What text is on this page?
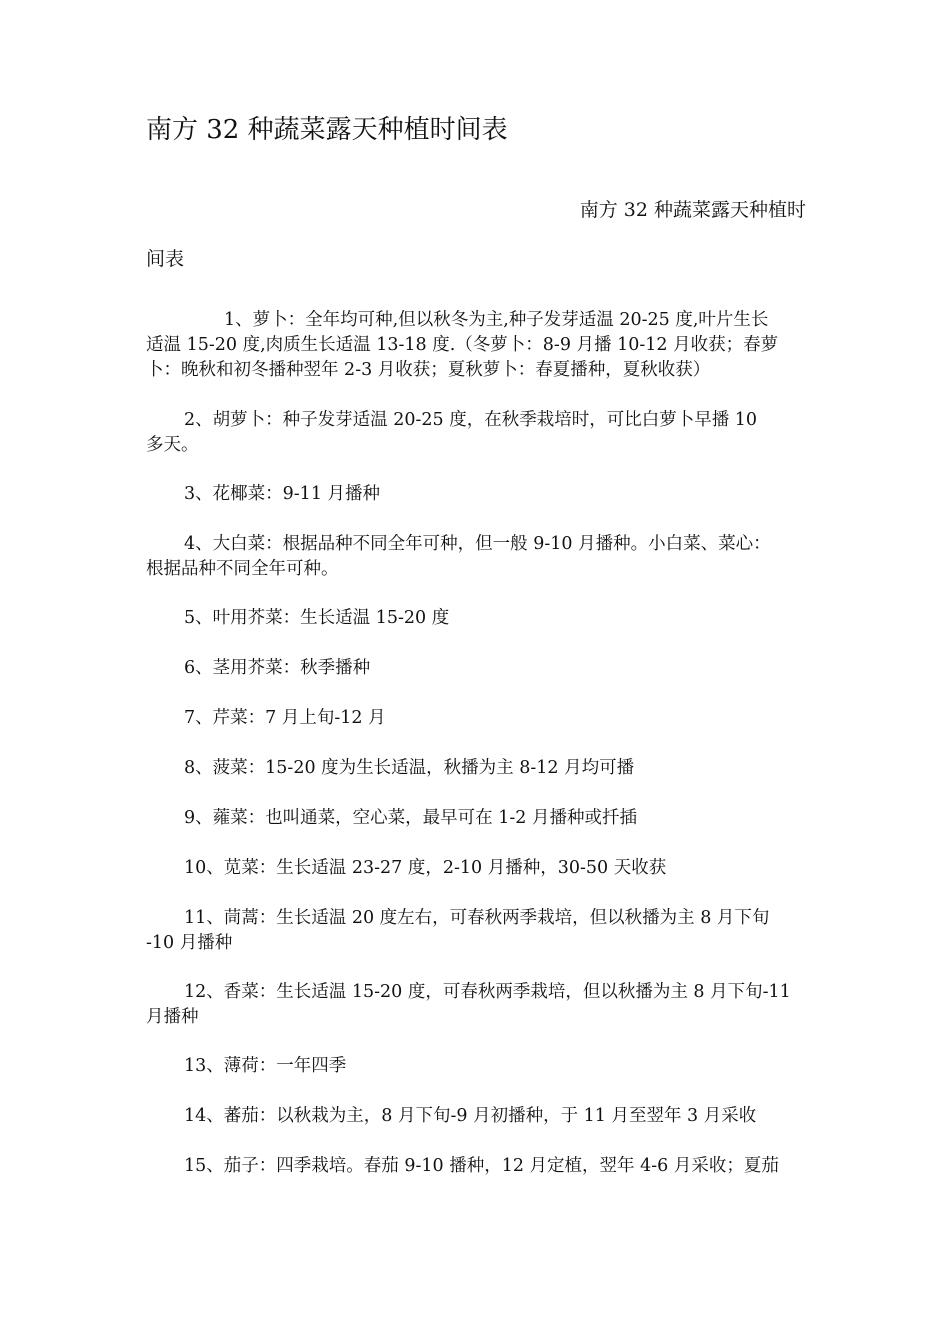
南方 32 种蔬菜露天种植时间表
南方 32 种蔬菜露天种植时
间表
1、萝卜：全年均可种,但以秋冬为主,种子发芽适温 20-25 度,叶片生长
适温 15-20 度,肉质生长适温 13-18 度.（冬萝卜：8-9 月播 10-12 月收获；春萝
卜：晚秋和初冬播种翌年 2-3 月收获；夏秋萝卜：春夏播种，夏秋收获）
2、胡萝卜：种子发芽适温 20-25 度，在秋季栽培时，可比白萝卜早播 10
多天。
3、花椰菜：9-11 月播种
4、大白菜：根据品种不同全年可种，但一般 9-10 月播种。小白菜、菜心：
根据品种不同全年可种。
5、叶用芥菜：生长适温 15-20 度
6、茎用芥菜：秋季播种
7、芹菜：7 月上旬-12 月
8、菠菜：15-20 度为生长适温，秋播为主 8-12 月均可播
9、蕹菜：也叫通菜，空心菜，最早可在 1-2 月播种或扦插
10、苋菜：生长适温 23-27 度，2-10 月播种，30-50 天收获
11、茼蒿：生长适温 20 度左右，可春秋两季栽培，但以秋播为主 8 月下旬
-10 月播种
12、香菜：生长适温 15-20 度，可春秋两季栽培，但以秋播为主 8 月下旬-11
月播种
13、薄荷：一年四季
14、蕃茄：以秋栽为主，8 月下旬-9 月初播种，于 11 月至翌年 3 月采收
15、茄子：四季栽培。春茄 9-10 播种，12 月定植，翌年 4-6 月采收；夏茄
